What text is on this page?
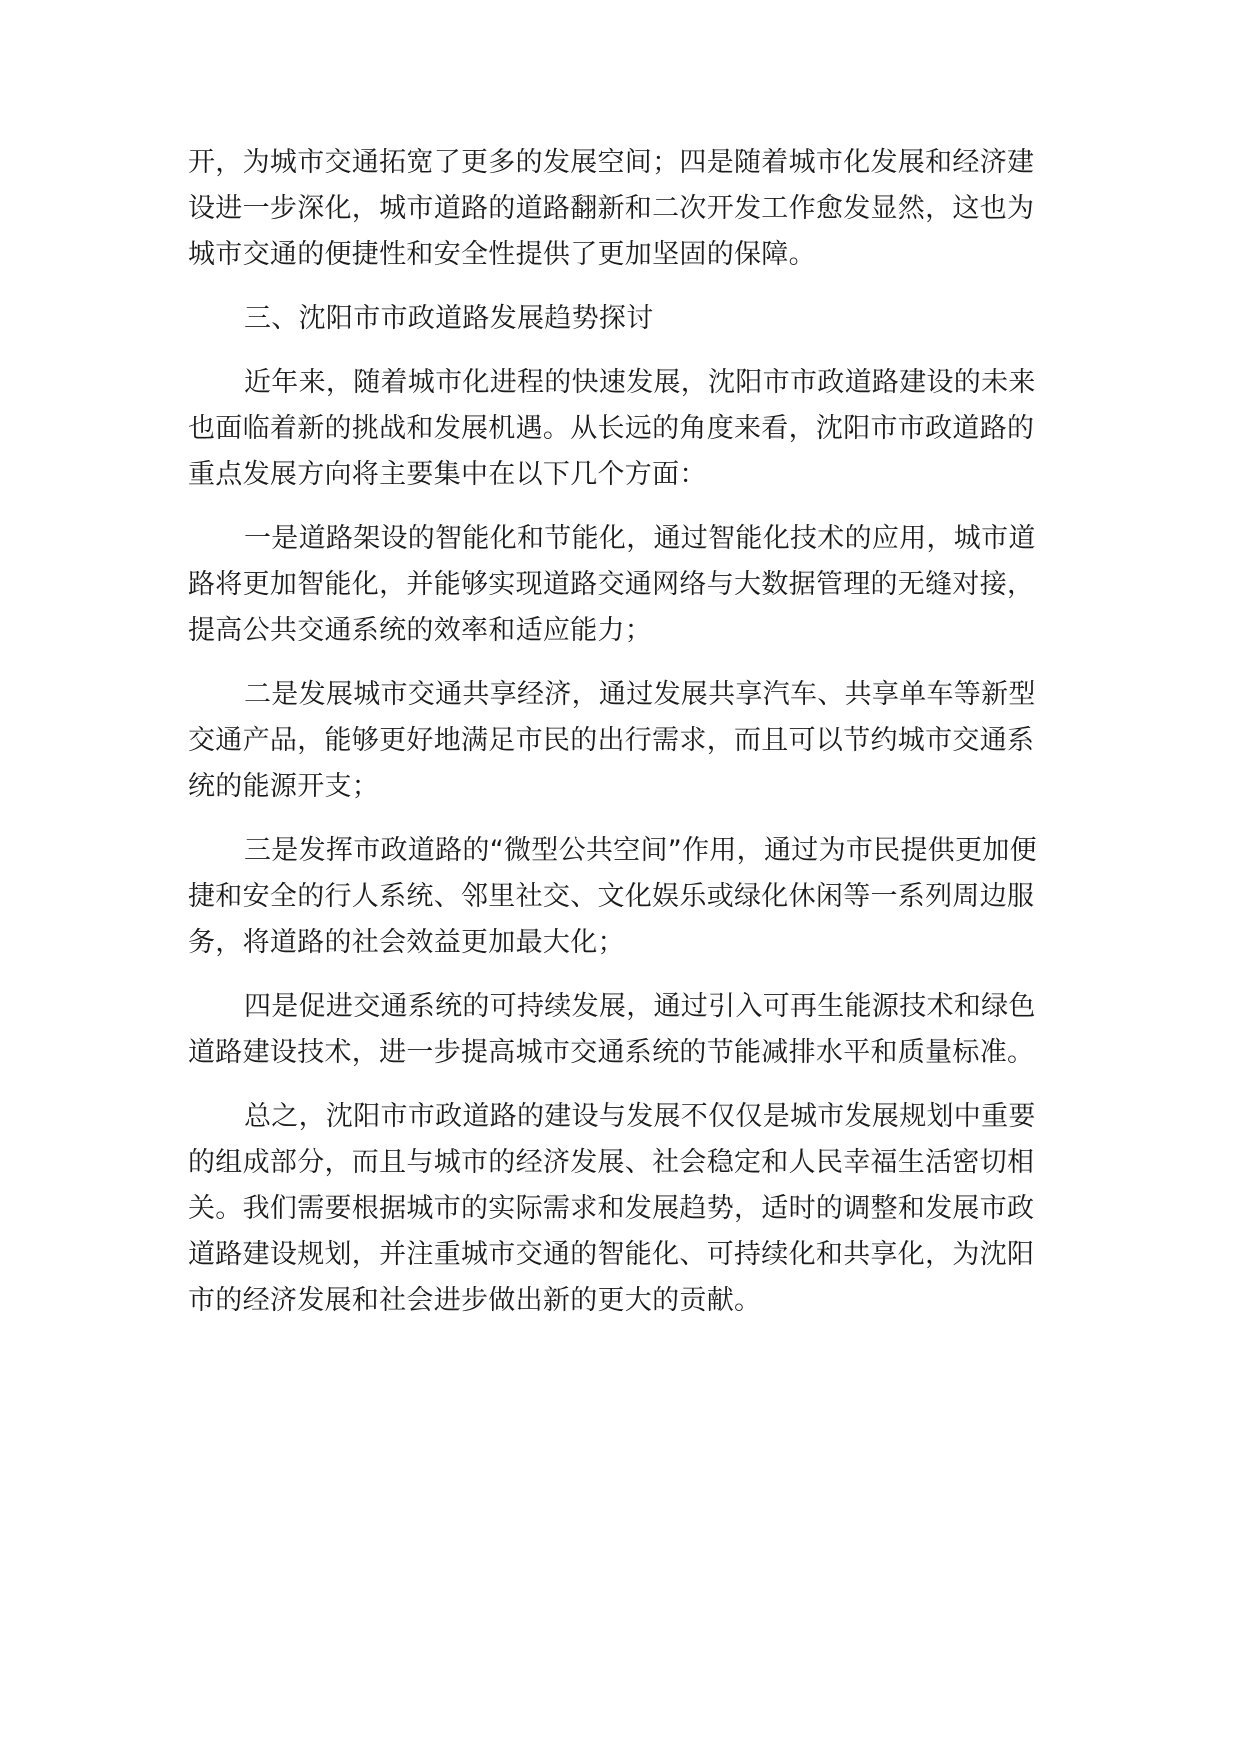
开，为城市交通拓宽了更多的发展空间；四是随着城市化发展和经济建设进一步深化，城市道路的道路翻新和二次开发工作愈发显然，这也为城市交通的便捷性和安全性提供了更加坚固的保障。

三、沈阳市市政道路发展趋势探讨

近年来，随着城市化进程的快速发展，沈阳市市政道路建设的未来也面临着新的挑战和发展机遇。从长远的角度来看，沈阳市市政道路的重点发展方向将主要集中在以下几个方面：

一是道路架设的智能化和节能化，通过智能化技术的应用，城市道路将更加智能化，并能够实现道路交通网络与大数据管理的无缝对接，提高公共交通系统的效率和适应能力；

二是发展城市交通共享经济，通过发展共享汽车、共享单车等新型交通产品，能够更好地满足市民的出行需求，而且可以节约城市交通系统的能源开支；

三是发挥市政道路的“微型公共空间”作用，通过为市民提供更加便捷和安全的行人系统、邻里社交、文化娱乐或绿化休闲等一系列周边服务，将道路的社会效益更加最大化；

四是促进交通系统的可持续发展，通过引入可再生能源技术和绿色道路建设技术，进一步提高城市交通系统的节能减排水平和质量标准。

总之，沈阳市市政道路的建设与发展不仅仅是城市发展规划中重要的组成部分，而且与城市的经济发展、社会稳定和人民幸福生活密切相关。我们需要根据城市的实际需求和发展趋势，适时的调整和发展市政道路建设规划，并注重城市交通的智能化、可持续化和共享化，为沈阳市的经济发展和社会进步做出新的更大的贡献。
